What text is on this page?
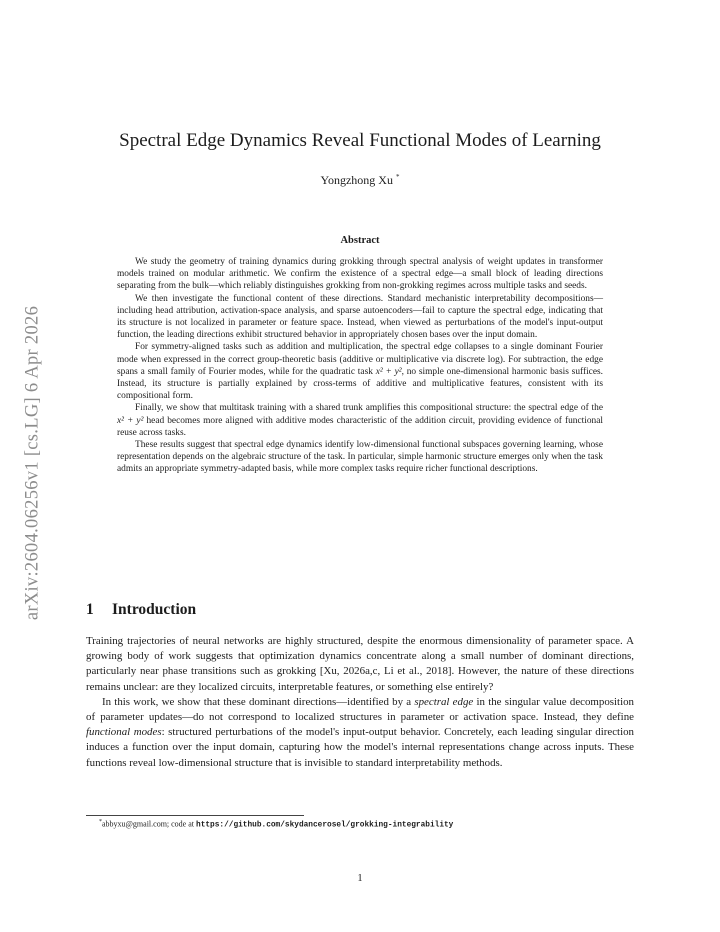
arXiv:2604.06256v1 [cs.LG] 6 Apr 2026
Spectral Edge Dynamics Reveal Functional Modes of Learning
Yongzhong Xu *
Abstract

We study the geometry of training dynamics during grokking through spectral analysis of weight updates in transformer models trained on modular arithmetic. We confirm the existence of a spectral edge—a small block of leading directions separating from the bulk—which reliably distinguishes grokking from non-grokking regimes across multiple tasks and seeds.

We then investigate the functional content of these directions. Standard mechanistic interpretability decompositions—including head attribution, activation-space analysis, and sparse autoencoders—fail to capture the spectral edge, indicating that its structure is not localized in parameter or feature space. Instead, when viewed as perturbations of the model's input-output function, the leading directions exhibit structured behavior in appropriately chosen bases over the input domain.

For symmetry-aligned tasks such as addition and multiplication, the spectral edge collapses to a single dominant Fourier mode when expressed in the correct group-theoretic basis (additive or multiplicative via discrete log). For subtraction, the edge spans a small family of Fourier modes, while for the quadratic task x² + y², no simple one-dimensional harmonic basis suffices. Instead, its structure is partially explained by cross-terms of additive and multiplicative features, consistent with its compositional form.

Finally, we show that multitask training with a shared trunk amplifies this compositional structure: the spectral edge of the x² + y² head becomes more aligned with additive modes characteristic of the addition circuit, providing evidence of functional reuse across tasks.

These results suggest that spectral edge dynamics identify low-dimensional functional subspaces governing learning, whose representation depends on the algebraic structure of the task. In particular, simple harmonic structure emerges only when the task admits an appropriate symmetry-adapted basis, while more complex tasks require richer functional descriptions.

1 Introduction

Training trajectories of neural networks are highly structured, despite the enormous dimensionality of parameter space. A growing body of work suggests that optimization dynamics concentrate along a small number of dominant directions, particularly near phase transitions such as grokking [Xu, 2026a,c, Li et al., 2018]. However, the nature of these directions remains unclear: are they localized circuits, interpretable features, or something else entirely?

In this work, we show that these dominant directions—identified by a spectral edge in the singular value decomposition of parameter updates—do not correspond to localized structures in parameter or activation space. Instead, they define functional modes: structured perturbations of the model's input-output behavior. Concretely, each leading singular direction induces a function over the input domain, capturing how the model's internal representations change across inputs. These functions reveal low-dimensional structure that is invisible to standard interpretability methods.

*abbyxu@gmail.com; code at https://github.com/skydancerosel/grokking-integrability
1
